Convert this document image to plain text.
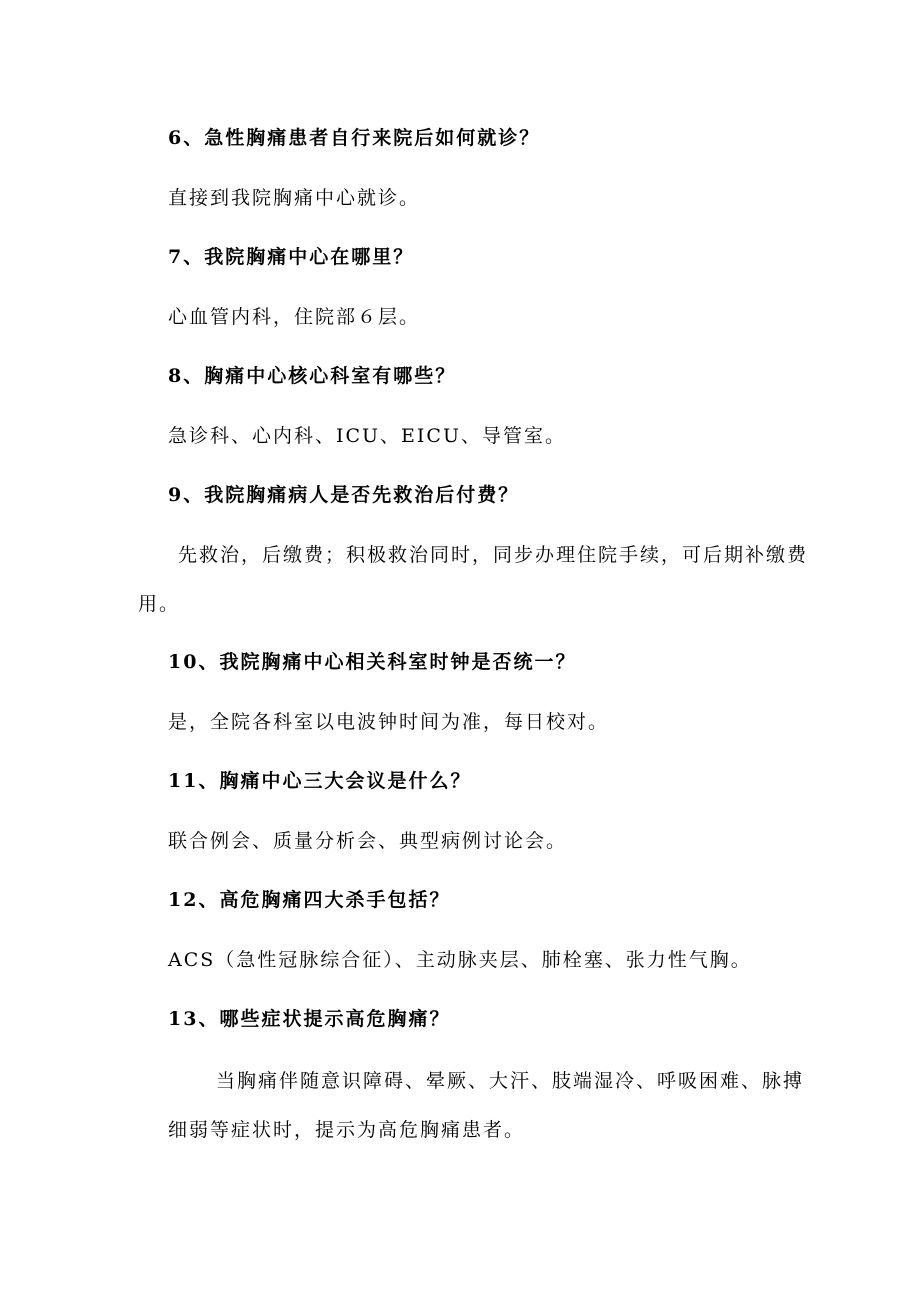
6、急性胸痛患者自行来院后如何就诊？
直接到我院胸痛中心就诊。
7、我院胸痛中心在哪里？
心血管内科，住院部６层。
8、胸痛中心核心科室有哪些？
急诊科、心内科、ICU、EICU、导管室。
9、我院胸痛病人是否先救治后付费？
先救治，后缴费；积极救治同时，同步办理住院手续，可后期补缴费
用。
10、我院胸痛中心相关科室时钟是否统一？
是，全院各科室以电波钟时间为准，每日校对。
11、胸痛中心三大会议是什么？
联合例会、质量分析会、典型病例讨论会。
12、高危胸痛四大杀手包括？
ACS（急性冠脉综合征）、主动脉夹层、肺栓塞、张力性气胸。
13、哪些症状提示高危胸痛？
当胸痛伴随意识障碍、晕厥、大汗、肢端湿冷、呼吸困难、脉搏
细弱等症状时，提示为高危胸痛患者。
